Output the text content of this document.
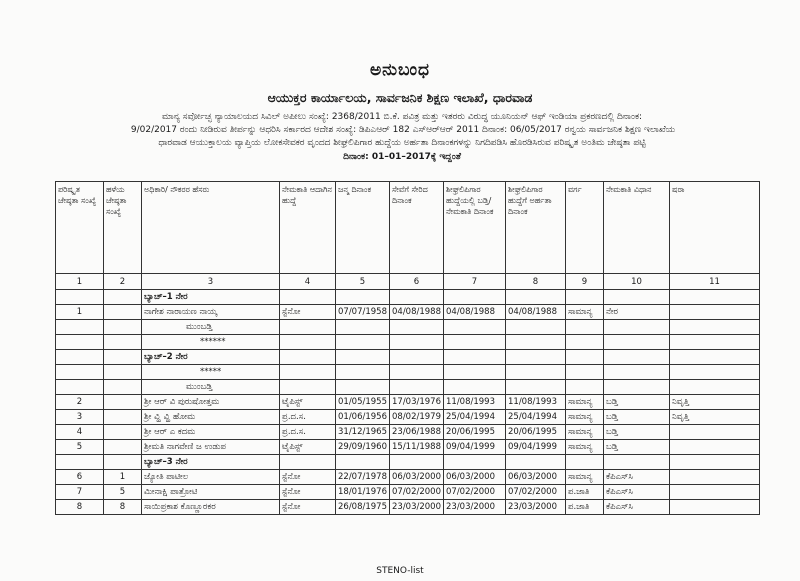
ಅನುಬಂಧ
ಆಯುಕ್ತರ ಕಾರ್ಯಾಲಯ, ಸಾರ್ವಜನಿಕ ಶಿಕ್ಷಣ ಇಲಾಖೆ, ಧಾರವಾಡ
ಮಾನ್ಯ ಸರ್ವೋಚ್ಛ ನ್ಯಾಯಾಲಯದ ಸಿವಿಲ್ ಅಪೀಲು ಸಂಖ್ಯೆ: 2368/2011 ಬಿ.ಕೆ. ಪವಿತ್ರ ಮತ್ತು ಇತರರು ವಿರುದ್ಧ ಯೂನಿಯನ್ ಆಫ್ ಇಂಡಿಯಾ ಪ್ರಕರಣದಲ್ಲಿ ದಿನಾಂಕ:
9/02/2017 ರಂದು ನೀಡಿರುವ ತೀರ್ಪನ್ನು ಆಧರಿಸಿ ಸರ್ಕಾರದ ಆದೇಶ ಸಂಖ್ಯೆ: ಡಿಪಿಎಆರ್ 182 ಎಸ್‌ಆರ್‌ಆರ್ 2011 ದಿನಾಂಕ: 06/05/2017 ರನ್ವಯ ಸಾರ್ವಜನಿಕ ಶಿಕ್ಷಣ ಇಲಾಖೆಯ
ಧಾರವಾಡ ಆಯುಕ್ತಾಲಯ ವ್ಯಾಪ್ತಿಯ ಲೋಕಸೇವಕರ ವೃಂದದ ಶೀಘ್ರಲಿಪಿಗಾರ ಹುದ್ದೆಯ ಅರ್ಹತಾ ದಿನಾಂಕಗಳನ್ನು ನಿಗದಿಪಡಿಸಿ ಹೊರಡಿಸಿರುವ ಪರಿಷ್ಕೃತ ಅಂತಿಮ ಜೇಷ್ಠತಾ ಪಟ್ಟಿ
ದಿನಾಂಕ: 01–01–2017ಕ್ಕೆ ಇದ್ದಂತೆ
ಪರಿಷ್ಕೃತ ಜೇಷ್ಠತಾ ಸಂಖ್ಯೆ	ಹಳೆಯ ಜೇಷ್ಠತಾ ಸಂಖ್ಯೆ	ಅಧಿಕಾರಿ/ ನೌಕರರ ಹೆಸರು	ನೇಮಕಾತಿ ಆದಾಗಿನ ಹುದ್ದೆ	ಜನ್ಮ ದಿನಾಂಕ	ಸೇವೆಗೆ ಸೇರಿದ ದಿನಾಂಕ	ಶೀಘ್ರಲಿಪಿಗಾರ ಹುದ್ದೆಯಲ್ಲಿ ಬಡ್ತಿ/ ನೇಮಕಾತಿ ದಿನಾಂಕ	ಶೀಘ್ರಲಿಪಿಗಾರ ಹುದ್ದೆಗೆ ಅರ್ಹತಾ ದಿನಾಂಕ	ವರ್ಗ	ನೇಮಕಾತಿ ವಿಧಾನ	ಷರಾ
1	2	3	4	5	6	7	8	9	10	11
		ಬ್ಯಾಚ್–1 ನೇರ								
1		ನಾಗೇಶ ನಾರಾಯಣ ನಾಯ್ಕ	ಸ್ಟೆನೋ	07/07/1958	04/08/1988	04/08/1988	04/08/1988	ಸಾಮಾನ್ಯ	ನೇರ	
		ಮುಂಬಡ್ತಿ								
		******								
		ಬ್ಯಾಚ್–2 ನೇರ								
		*****								
		ಮುಂಬಡ್ತಿ								
2		ಶ್ರೀ ಆರ್ ವಿ ಪುರುಷೋತ್ತಮ	ಟೈಪಿಸ್ಟ್	01/05/1955	17/03/1976	11/08/1993	11/08/1993	ಸಾಮಾನ್ಯ	ಬಡ್ತಿ	ನಿವೃತ್ತಿ
3		ಶ್ರೀ ವ್ಹಿ ವ್ಹಿ ಹೋಮ	ಪ್ರ.ದ.ಸ.	01/06/1956	08/02/1979	25/04/1994	25/04/1994	ಸಾಮಾನ್ಯ	ಬಡ್ತಿ	ನಿವೃತ್ತಿ
4		ಶ್ರೀ ಆರ್ ಎ ಕದಮ	ಪ್ರ.ದ.ಸ.	31/12/1965	23/06/1988	20/06/1995	20/06/1995	ಸಾಮಾನ್ಯ	ಬಡ್ತಿ	
5		ಶ್ರೀಮತಿ ನಾಗವೇಣಿ ಜ ಉಡುಪ	ಟೈಪಿಸ್ಟ್	29/09/1960	15/11/1988	09/04/1999	09/04/1999	ಸಾಮಾನ್ಯ	ಬಡ್ತಿ	
		ಬ್ಯಾಚ್–3 ನೇರ								
6	1	ಜ್ಯೋತಿ ಪಾಟೀಲ	ಸ್ಟೆನೋ	22/07/1978	06/03/2000	06/03/2000	06/03/2000	ಸಾಮಾನ್ಯ	ಕೆಪಿಎಸ್‌ಸಿ	
7	5	ಮೀನಾಕ್ಷಿ ಪಾತ್ರೋಟಿ	ಸ್ಟೆನೋ	18/01/1976	07/02/2000	07/02/2000	07/02/2000	ಪ.ಜಾತಿ	ಕೆಪಿಎಸ್‌ಸಿ	
8	8	ಸಾಯಿಪ್ರಕಾಶ ಕೊಣ್ಣೂರಕರ	ಸ್ಟೆನೋ	26/08/1975	23/03/2000	23/03/2000	23/03/2000	ಪ.ಜಾತಿ	ಕೆಪಿಎಸ್‌ಸಿ	
STENO-list
